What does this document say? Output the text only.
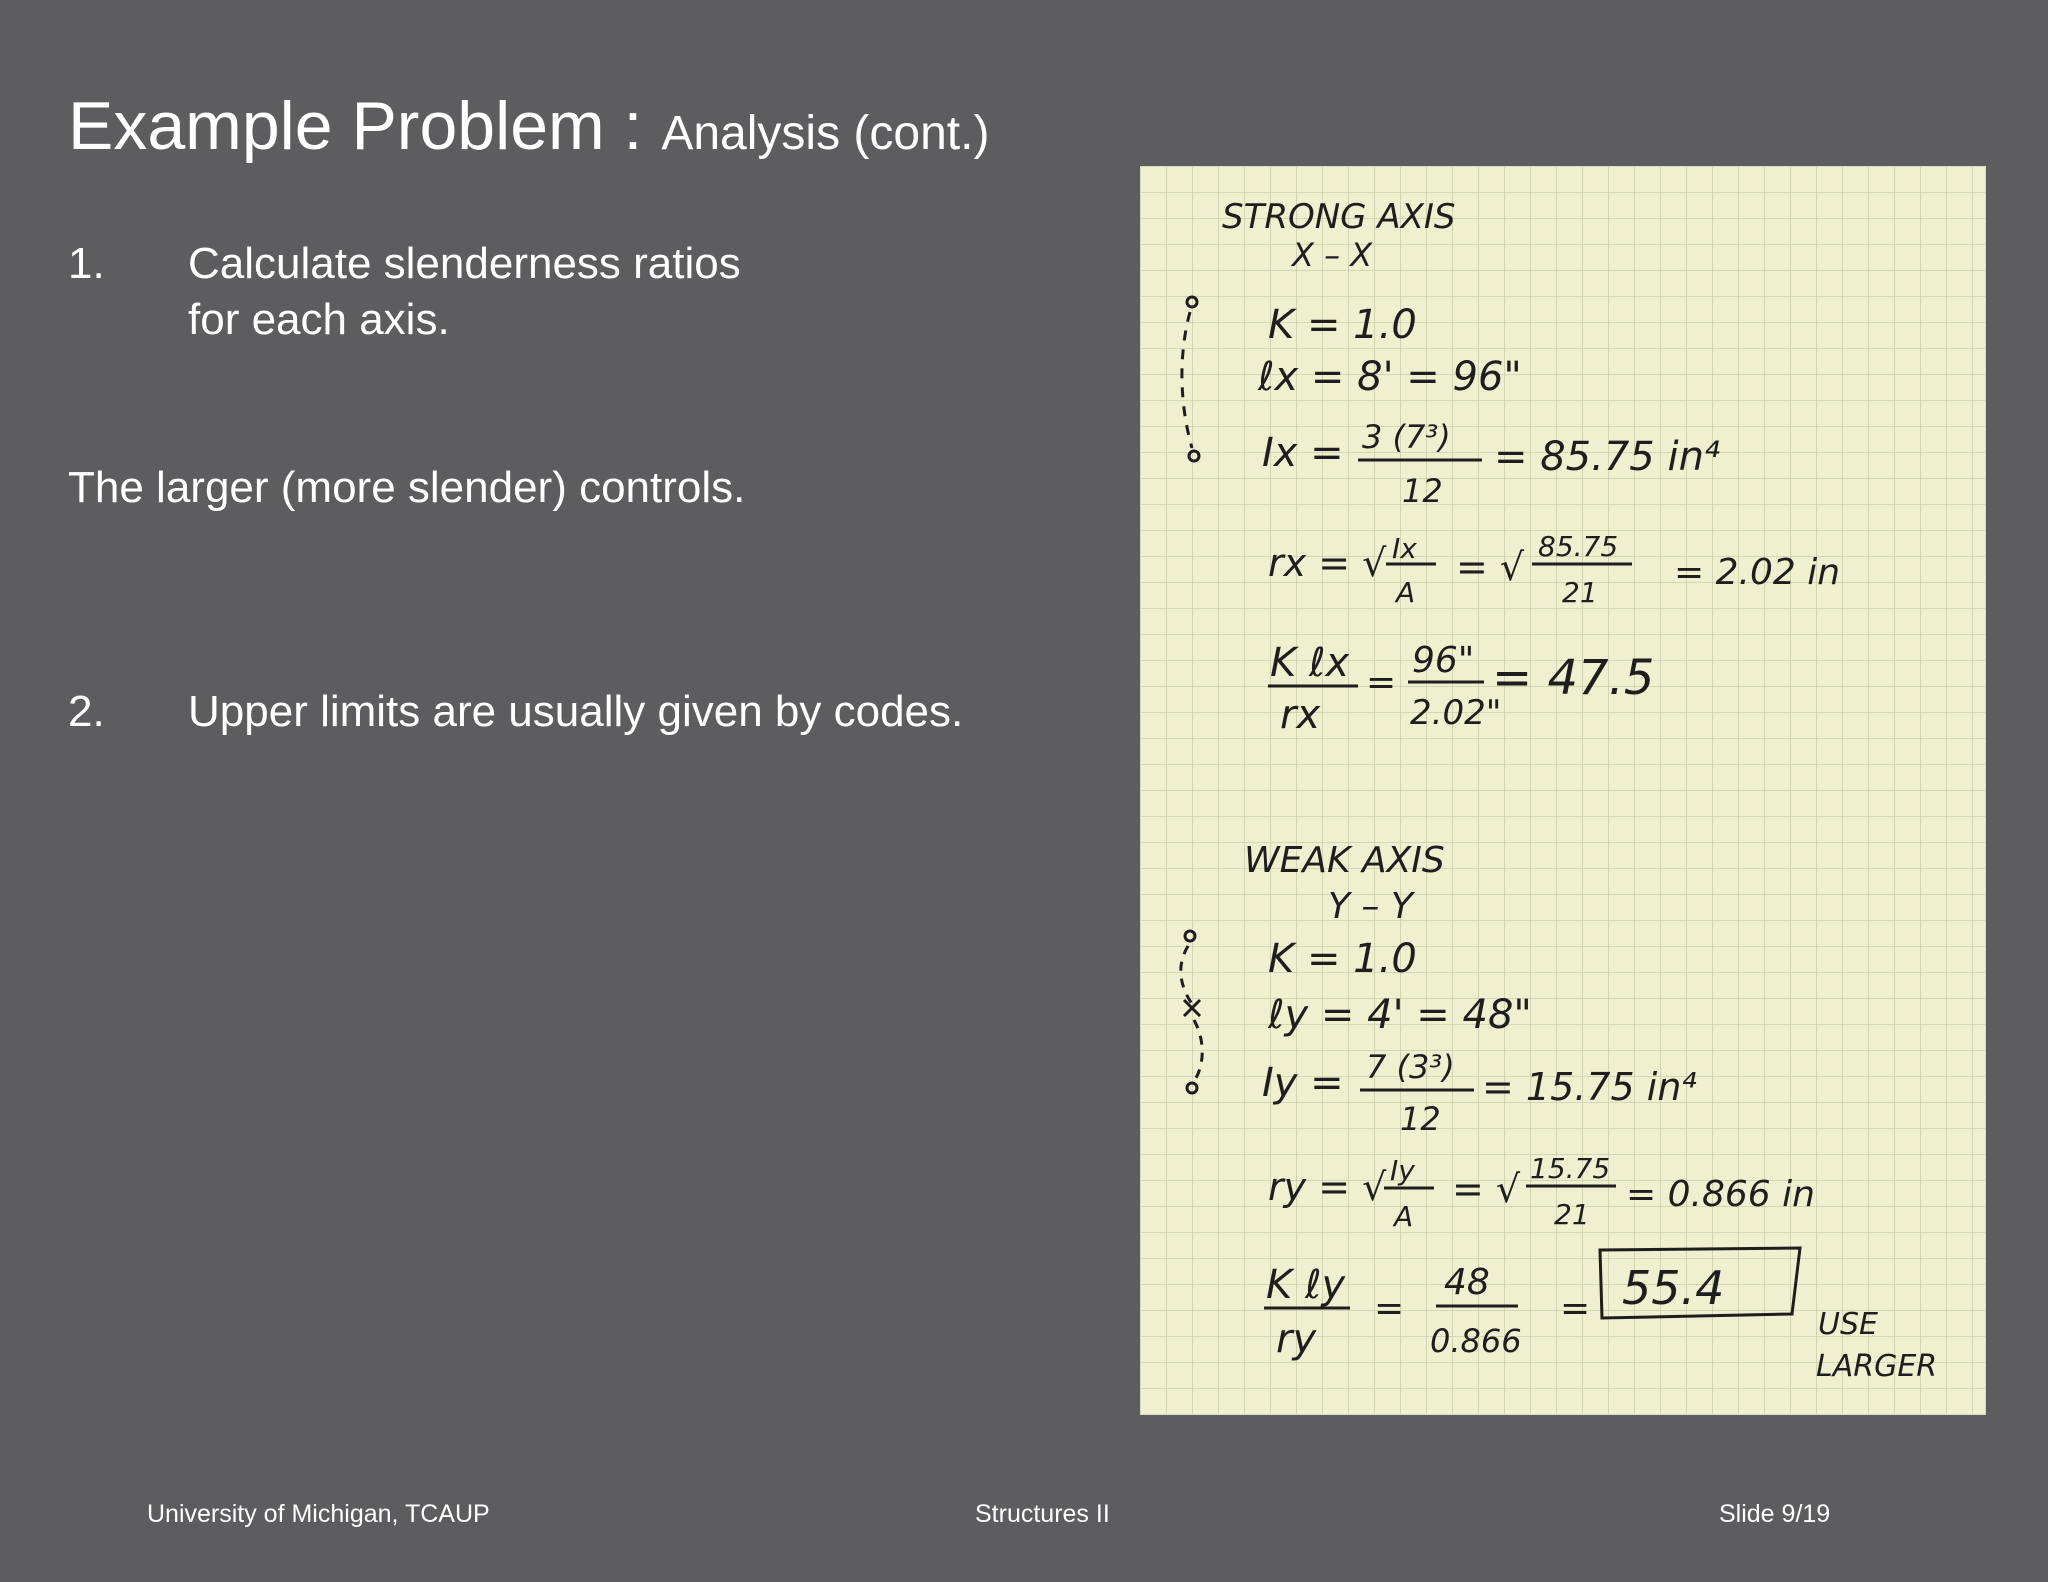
Example Problem : Analysis (cont.)
1. Calculate slenderness ratios
for each axis.
The larger (more slender) controls.
2. Upper limits are usually given by codes.
STRONG AXIS
X – X
K = 1.0
ℓx = 8' = 96"
Ix = 3 (7³)
12
= 85.75 in⁴
rx = √ Ix
A
= √ 85.75
21 = 2.02 in
K ℓx
rx
=
96"
2.02"
= 47.5
WEAK AXIS
Y – Y
K = 1.0
ℓy = 4' = 48"
Iy = 7 (3³)
12
= 15.75 in⁴
ry = √ Iy
A
= √ 15.75
21 = 0.866 in
K ℓy
ry
=
48
0.866
= 55.4
USE
LARGER
University of Michigan, TCAUP	Structures II	Slide 9/19
